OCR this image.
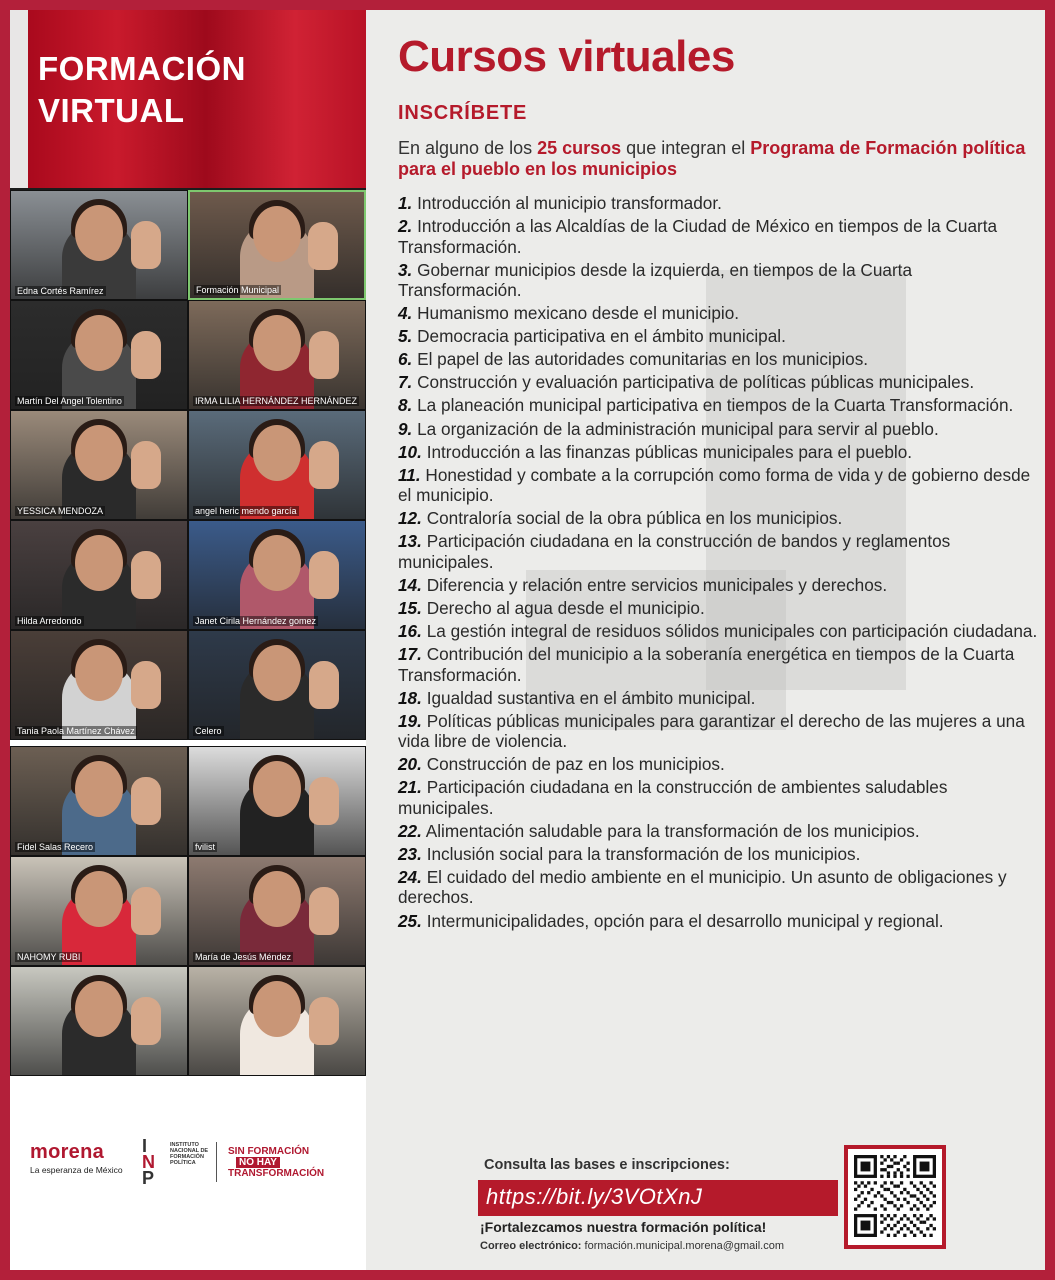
FORMACIÓN
VIRTUAL
Edna Cortés Ramírez	Formación Municipal
Martín Del Angel Tolentino	IRMA LILIA HERNÁNDEZ HERNÁNDEZ
YESSICA MENDOZA	angel heric mendo garcía
Hilda Arredondo	Janet Cirila Hernández gomez
Tania Paola Martínez Chávez	Celero
Fidel Salas Recero	fvilist
NAHOMY RUBI	María de Jesús Méndez
morena
La esperanza de México
I
N
P
INSTITUTO NACIONAL DE FORMACIÓN POLÍTICA
SIN FORMACIÓN
NO HAY
TRANSFORMACIÓN
Cursos virtuales
INSCRÍBETE
En alguno de los 25 cursos que integran el Programa de Formación política para el pueblo en los municipios
1. Introducción al municipio transformador.
2. Introducción a las Alcaldías de la Ciudad de México en tiempos de la Cuarta Transformación.
3. Gobernar municipios desde la izquierda, en tiempos de la Cuarta Transformación.
4. Humanismo mexicano desde el municipio.
5. Democracia participativa en el ámbito municipal.
6. El papel de las autoridades comunitarias en los municipios.
7. Construcción y evaluación participativa de políticas públicas municipales.
8. La planeación municipal participativa en tiempos de la Cuarta Transformación.
9. La organización de la administración municipal para servir al pueblo.
10. Introducción a las finanzas públicas municipales para el pueblo.
11. Honestidad y combate a la corrupción como forma de vida y de gobierno desde el municipio.
12. Contraloría social de la obra pública en los municipios.
13. Participación ciudadana en la construcción de bandos y reglamentos municipales.
14. Diferencia y relación entre servicios municipales y derechos.
15. Derecho al agua desde el municipio.
16. La gestión integral de residuos sólidos municipales con participación ciudadana.
17. Contribución del municipio a la soberanía energética en tiempos de la Cuarta Transformación.
18. Igualdad sustantiva en el ámbito municipal.
19. Políticas públicas municipales para garantizar el derecho de las mujeres a una vida libre de violencia.
20. Construcción de paz en los municipios.
21. Participación ciudadana en la construcción de ambientes saludables municipales.
22. Alimentación saludable para la transformación de los municipios.
23. Inclusión social para la transformación de los municipios.
24. El cuidado del medio ambiente en el municipio. Un asunto de obligaciones y derechos.
25. Intermunicipalidades, opción para el desarrollo municipal y regional.
Consulta las bases e inscripciones:
https://bit.ly/3VOtXnJ
¡Fortalezcamos nuestra formación política!
Correo electrónico: formación.municipal.morena@gmail.com
